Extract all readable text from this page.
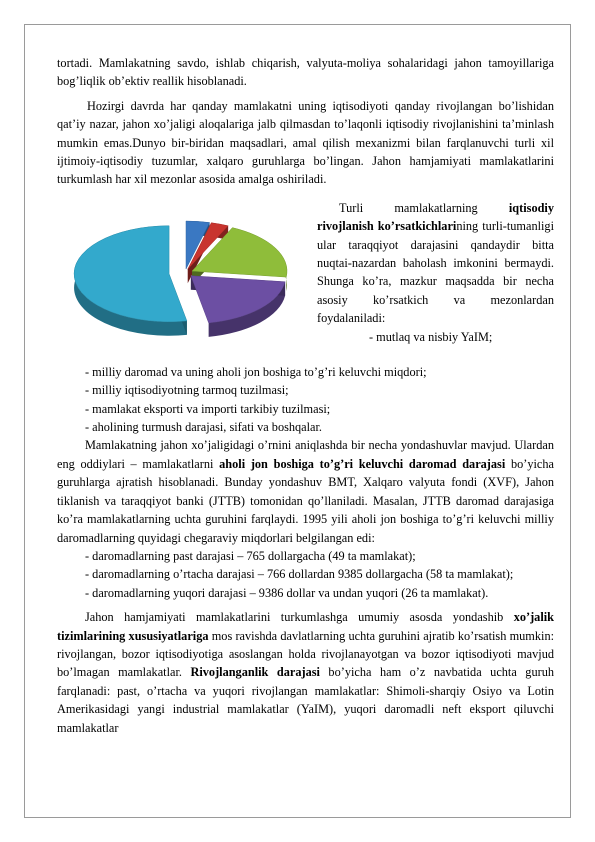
tortadi. Mamlakatning savdo, ishlab chiqarish, valyuta-moliya sohalaridagi jahon tamoyillariga bog’liqlik ob’ektiv reallik hisoblanadi.

Hozirgi davrda har qanday mamlakatni uning iqtisodiyoti qanday rivojlangan bo’lishidan qat’iy nazar, jahon xo’jaligi aloqalariga jalb qilmasdan to’laqonli iqtisodiy rivojlanishini ta’minlash mumkin emas.Dunyo bir-biridan maqsadlari, amal qilish mexanizmi bilan farqlanuvchi turli xil ijtimoiy-iqtisodiy tuzumlar, xalqaro guruhlarga bo’lingan. Jahon hamjamiyati mamlakatlarini turkumlash har xil mezonlar asosida amalga oshiriladi.

Turli mamlakatlarning iqtisodiy rivojlanish ko’rsatkichlarining turli-tumanligi ular taraqqiyot darajasini qandaydir bitta nuqtai-nazardan baholash imkonini bermaydi. Shunga ko’ra, mazkur maqsadda bir necha asosiy ko’rsatkich va mezonlardan foydalaniladi:

- mutlaq va nisbiy YaIM;

- milliy daromad va uning aholi jon boshiga to’g’ri keluvchi miqdori;

- milliy iqtisodiyotning tarmoq tuzilmasi;

- mamlakat eksporti va importi tarkibiy tuzilmasi;

- aholining turmush darajasi, sifati va boshqalar.

Mamlakatning jahon xo’jaligidagi o’rnini aniqlashda bir necha yondashuvlar mavjud. Ulardan eng oddiylari – mamlakatlarni aholi jon boshiga to’g’ri keluvchi daromad darajasi bo’yicha guruhlarga ajratish hisoblanadi. Bunday yondashuv BMT, Xalqaro valyuta fondi (XVF), Jahon tiklanish va taraqqiyot banki (JTTB) tomonidan qo’llaniladi. Masalan, JTTB daromad darajasiga ko’ra mamlakatlarning uchta guruhini farqlaydi. 1995 yili aholi jon boshiga to’g’ri keluvchi milliy daromadlarning quyidagi chegaraviy miqdorlari belgilangan edi:

- daromadlarning past darajasi – 765 dollargacha (49 ta mamlakat);

- daromadlarning o’rtacha darajasi – 766 dollardan 9385 dollargacha (58 ta mamlakat);

- daromadlarning yuqori darajasi – 9386 dollar va undan yuqori (26 ta mamlakat).

Jahon hamjamiyati mamlakatlarini turkumlashga umumiy asosda yondashib xo’jalik tizimlarining xususiyatlariga mos ravishda davlatlarning uchta guruhini ajratib ko’rsatish mumkin: rivojlangan, bozor iqtisodiyotiga asoslangan holda rivojlanayotgan va bozor iqtisodiyoti mavjud bo’lmagan mamlakatlar. Rivojlanganlik darajasi bo’yicha ham o’z navbatida uchta guruh farqlanadi: past, o’rtacha va yuqori rivojlangan mamlakatlar: Shimoli-sharqiy Osiyo va Lotin Amerikasidagi yangi industrial mamlakatlar (YaIM), yuqori daromadli neft eksport qiluvchi mamlakatlar
